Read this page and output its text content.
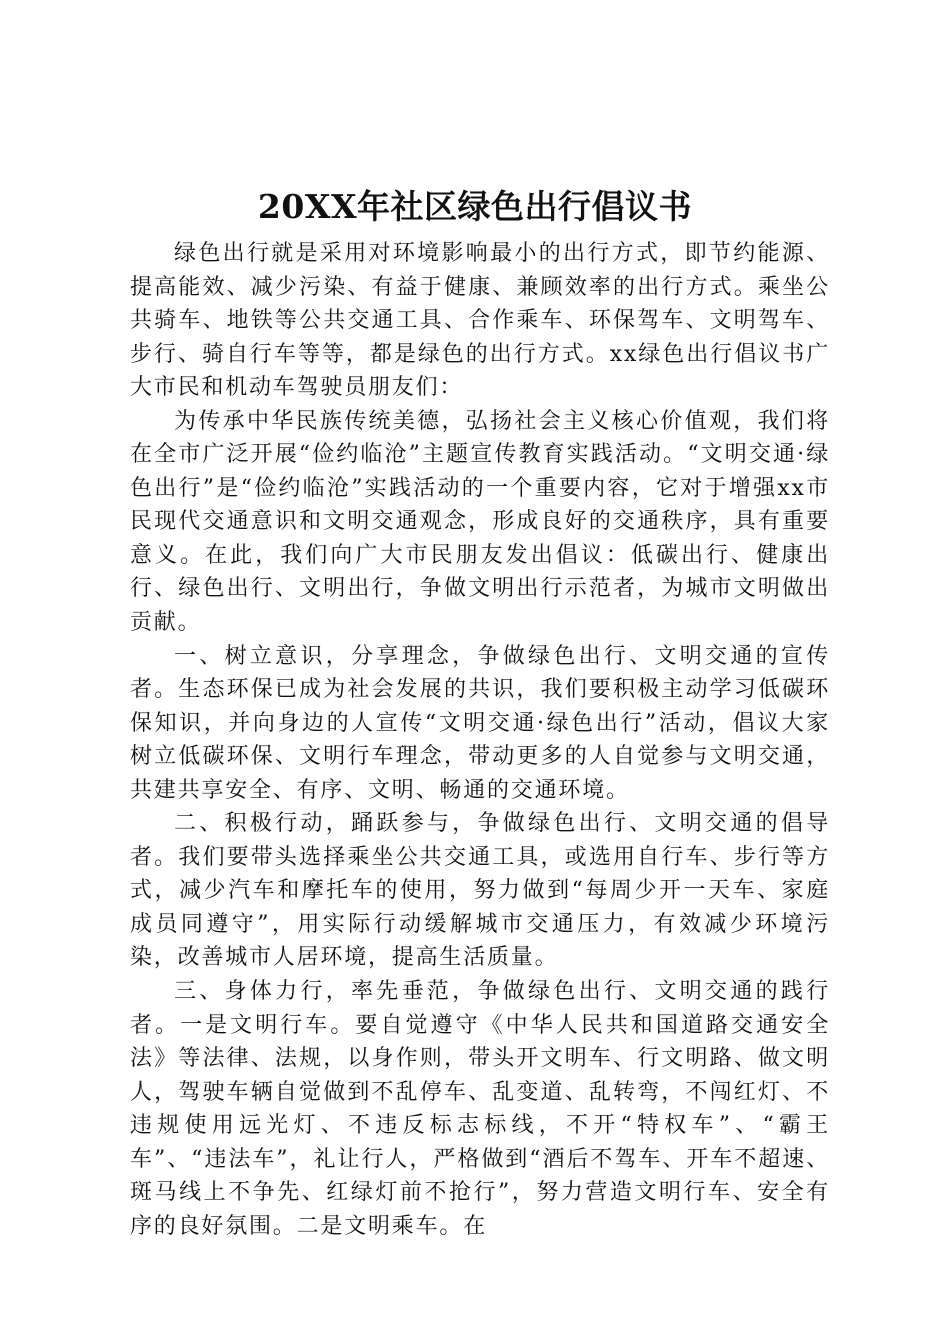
20XX年社区绿色出行倡议书

绿色出行就是采用对环境影响最小的出行方式，即节约能源、提高能效、减少污染、有益于健康、兼顾效率的出行方式。乘坐公共骑车、地铁等公共交通工具、合作乘车、环保驾车、文明驾车、步行、骑自行车等等，都是绿色的出行方式。xx绿色出行倡议书广大市民和机动车驾驶员朋友们：

为传承中华民族传统美德，弘扬社会主义核心价值观，我们将在全市广泛开展“俭约临沧”主题宣传教育实践活动。“文明交通·绿色出行”是“俭约临沧”实践活动的一个重要内容，它对于增强xx市民现代交通意识和文明交通观念，形成良好的交通秩序，具有重要意义。在此，我们向广大市民朋友发出倡议：低碳出行、健康出行、绿色出行、文明出行，争做文明出行示范者，为城市文明做出贡献。

一、树立意识，分享理念，争做绿色出行、文明交通的宣传者。生态环保已成为社会发展的共识，我们要积极主动学习低碳环保知识，并向身边的人宣传“文明交通·绿色出行”活动，倡议大家树立低碳环保、文明行车理念，带动更多的人自觉参与文明交通，共建共享安全、有序、文明、畅通的交通环境。

二、积极行动，踊跃参与，争做绿色出行、文明交通的倡导者。我们要带头选择乘坐公共交通工具，或选用自行车、步行等方式，减少汽车和摩托车的使用，努力做到“每周少开一天车、家庭成员同遵守”，用实际行动缓解城市交通压力，有效减少环境污染，改善城市人居环境，提高生活质量。

三、身体力行，率先垂范，争做绿色出行、文明交通的践行者。一是文明行车。要自觉遵守《中华人民共和国道路交通安全法》等法律、法规，以身作则，带头开文明车、行文明路、做文明人，驾驶车辆自觉做到不乱停车、乱变道、乱转弯，不闯红灯、不违规使用远光灯、不违反标志标线，不开“特权车”、“霸王车”、“违法车”，礼让行人，严格做到“酒后不驾车、开车不超速、斑马线上不争先、红绿灯前不抢行”，努力营造文明行车、安全有序的良好氛围。二是文明乘车。在
